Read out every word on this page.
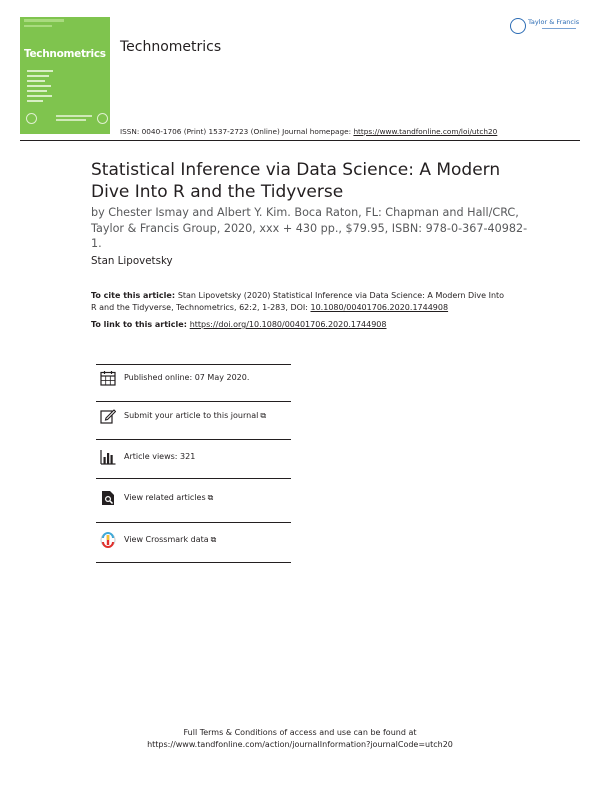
Technometrics Technometrics
Taylor & Francis
ISSN: 0040-1706 (Print) 1537-2723 (Online) Journal homepage: https://www.tandfonline.com/loi/utch20
Statistical Inference via Data Science: A Modern Dive Into R and the Tidyverse
by Chester Ismay and Albert Y. Kim. Boca Raton, FL: Chapman and Hall/CRC, Taylor & Francis Group, 2020, xxx + 430 pp., $79.95, ISBN: 978-0-367-40982-1.
Stan Lipovetsky
To cite this article: Stan Lipovetsky (2020) Statistical Inference via Data Science: A Modern Dive Into R and the Tidyverse, Technometrics, 62:2, 1-283, DOI: 10.1080/00401706.2020.1744908
To link to this article: https://doi.org/10.1080/00401706.2020.1744908
Published online: 07 May 2020.
Submit your article to this journal ⧉
Article views: 321
View related articles ⧉
View Crossmark data ⧉
Full Terms & Conditions of access and use can be found at
https://www.tandfonline.com/action/journalInformation?journalCode=utch20
